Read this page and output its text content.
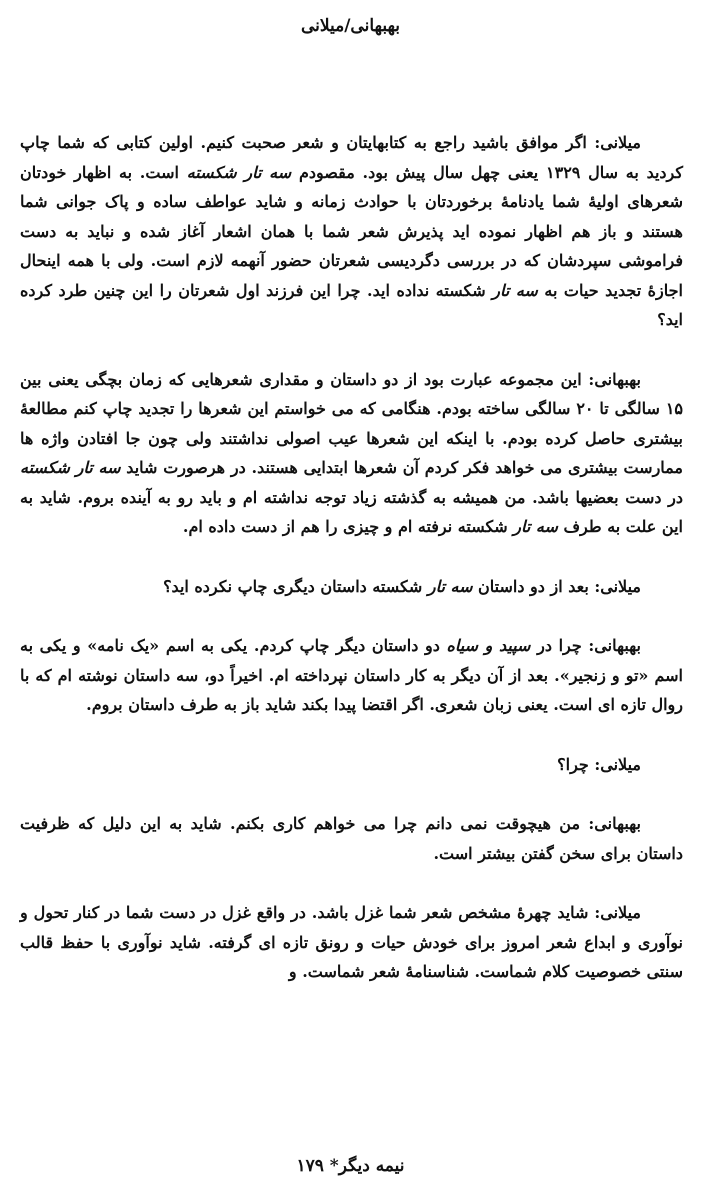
بهبهانی/میلانی

میلانی: اگر موافق باشید راجع به کتابهایتان و شعر صحبت کنیم. اولین کتابی که شما چاپ کردید به سال ۱۳۲۹ یعنی چهل سال پیش بود. مقصودم سه تار شکسته است. به اظهار خودتان شعرهای اولیهٔ شما یادنامهٔ برخوردتان با حوادث زمانه و شاید عواطف ساده و پاک جوانی شما هستند و باز هم اظهار نموده اید پذیرش شعر شما با همان اشعار آغاز شده و نباید به دست فراموشی سپردشان که در بررسی دگردیسی شعرتان حضور آنهمه لازم است. ولی با همه اینحال اجازهٔ تجدید حیات به سه تار شکسته نداده اید. چرا این فرزند اول شعرتان را این چنین طرد کرده اید؟

بهبهانی: این مجموعه عبارت بود از دو داستان و مقداری شعرهایی که زمان بچگی یعنی بین ۱۵ سالگی تا ۲۰ سالگی ساخته بودم. هنگامی که می خواستم این شعرها را تجدید چاپ کنم مطالعهٔ بیشتری حاصل کرده بودم. با اینکه این شعرها عیب اصولی نداشتند ولی چون جا افتادن واژه ها ممارست بیشتری می خواهد فکر کردم آن شعرها ابتدایی هستند. در هرصورت شاید سه تار شکسته در دست بعضیها باشد. من همیشه به گذشته زیاد توجه نداشته ام و باید رو به آینده بروم. شاید به این علت به طرف سه تار شکسته نرفته ام و چیزی را هم از دست داده ام.

میلانی: بعد از دو داستان سه تار شکسته داستان دیگری چاپ نکرده اید؟

بهبهانی: چرا در سپید و سیاه دو داستان دیگر چاپ کردم. یکی به اسم «یک نامه» و یکی به اسم «تو و زنجیر». بعد از آن دیگر به کار داستان نپرداخته ام. اخیراً دو، سه داستان نوشته ام که با روال تازه ای است. یعنی زبان شعری. اگر اقتضا پیدا بکند شاید باز به طرف داستان بروم.

میلانی: چرا؟

بهبهانی: من هیچوقت نمی دانم چرا می خواهم کاری بکنم. شاید به این دلیل که ظرفیت داستان برای سخن گفتن بیشتر است.

میلانی: شاید چهرهٔ مشخص شعر شما غزل باشد. در واقع غزل در دست شما در کنار تحول و نوآوری و ابداع شعر امروز برای خودش حیات و رونق تازه ای گرفته. شاید نوآوری با حفظ قالب سنتی خصوصیت کلام شماست. شناسنامهٔ شعر شماست. و

نیمه دیگر* ۱۷۹
